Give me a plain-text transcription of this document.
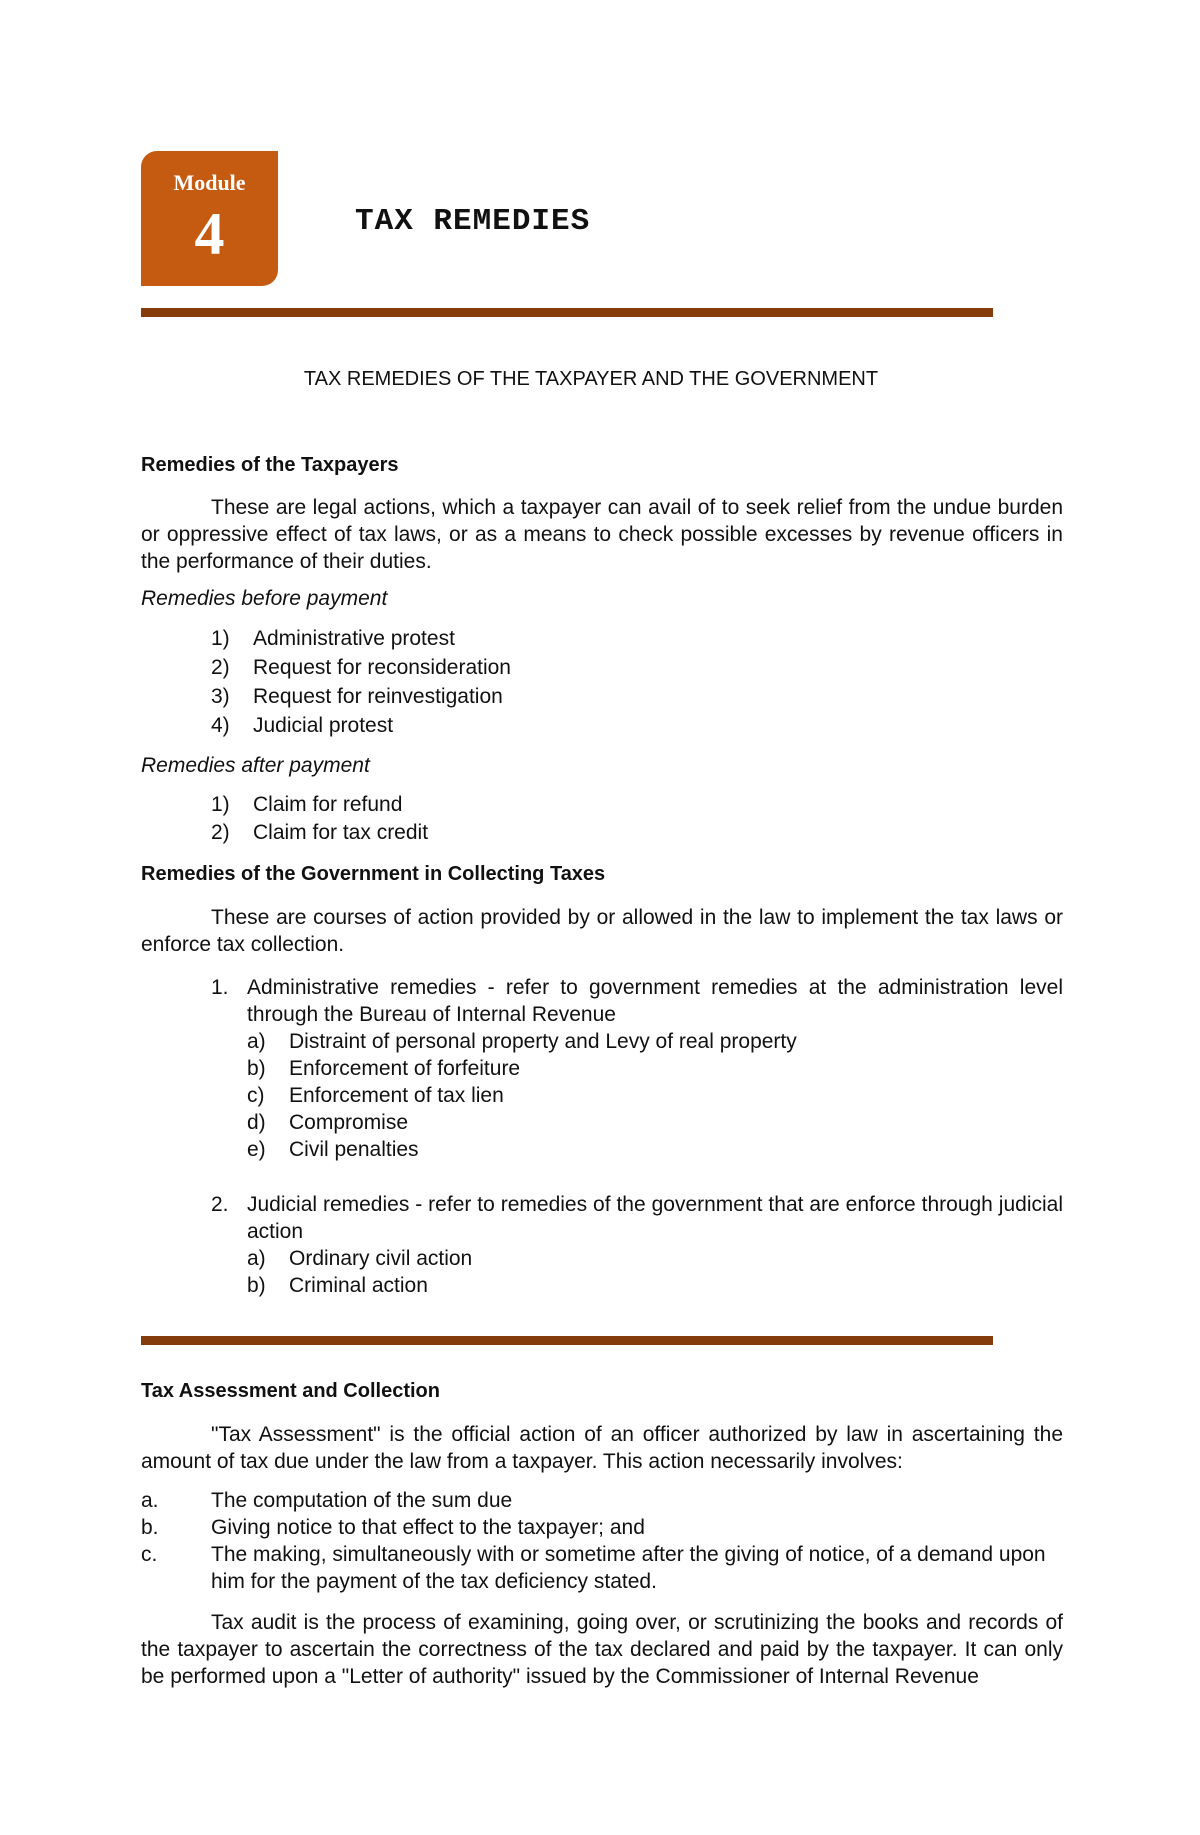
Module
4	TAX REMEDIES
TAX REMEDIES OF THE TAXPAYER AND THE GOVERNMENT
Remedies of the Taxpayers

These are legal actions, which a taxpayer can avail of to seek relief from the undue burden or oppressive effect of tax laws, or as a means to check possible excesses by revenue officers in the performance of their duties.

Remedies before payment

1) Administrative protest
2) Request for reconsideration
3) Request for reinvestigation
4) Judicial protest

Remedies after payment

1) Claim for refund
2) Claim for tax credit
Remedies of the Government in Collecting Taxes

These are courses of action provided by or allowed in the law to implement the tax laws or enforce tax collection.

1. Administrative remedies - refer to government remedies at the administration level through the Bureau of Internal Revenue
a) Distraint of personal property and Levy of real property
b) Enforcement of forfeiture
c) Enforcement of tax lien
d) Compromise
e) Civil penalties
2. Judicial remedies - refer to remedies of the government that are enforce through judicial action
a) Ordinary civil action
b) Criminal action
Tax Assessment and Collection

"Tax Assessment" is the official action of an officer authorized by law in ascertaining the amount of tax due under the law from a taxpayer. This action necessarily involves:

a. The computation of the sum due
b. Giving notice to that effect to the taxpayer; and
c.	The making, simultaneously with or sometime after the giving of notice, of a demand upon him for the payment of the tax deficiency stated.

Tax audit is the process of examining, going over, or scrutinizing the books and records of the taxpayer to ascertain the correctness of the tax declared and paid by the taxpayer. It can only be performed upon a "Letter of authority" issued by the Commissioner of Internal Revenue
